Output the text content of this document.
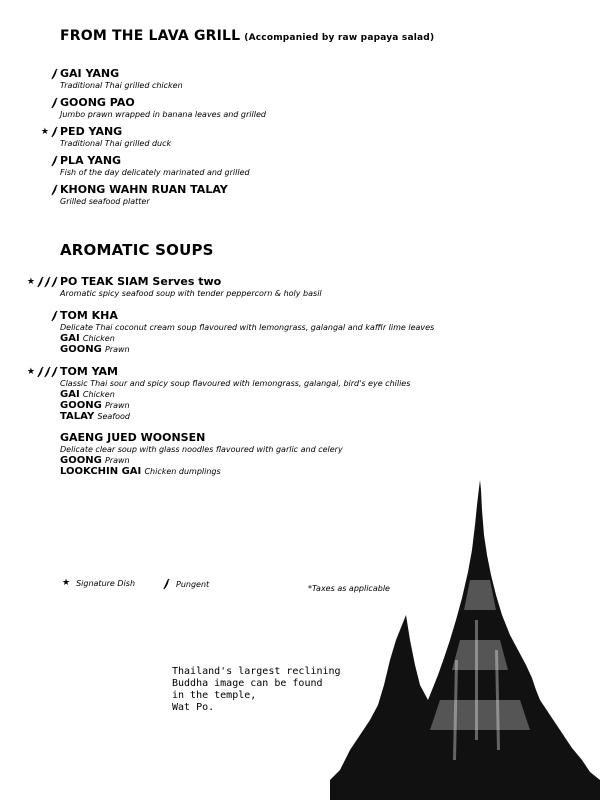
FROM THE LAVA GRILL (Accompanied by raw papaya salad)
GAI YANG
Traditional Thai grilled chicken
GOONG PAO
Jumbo prawn wrapped in banana leaves and grilled
★ PED YANG
Traditional Thai grilled duck
PLA YANG
Fish of the day delicately marinated and grilled
KHONG WAHN RUAN TALAY
Grilled seafood platter
AROMATIC SOUPS
★ PO TEAK SIAM Serves two
Aromatic spicy seafood soup with tender peppercorn & holy basil
TOM KHA
Delicate Thai coconut cream soup flavoured with lemongrass, galangal and kaffir lime leaves
GAI Chicken
GOONG Prawn
★ TOM YAM
Classic Thai sour and spicy soup flavoured with lemongrass, galangal, bird's eye chilies
GAI Chicken
GOONG Prawn
TALAY Seafood
GAENG JUED WOONSEN
Delicate clear soup with glass noodles flavoured with garlic and celery
GOONG Prawn
LOOKCHIN GAI Chicken dumplings
★ Signature Dish	Pungent	*Taxes as applicable
Thailand's largest reclining
Buddha image can be found
in the temple,
Wat Po.
